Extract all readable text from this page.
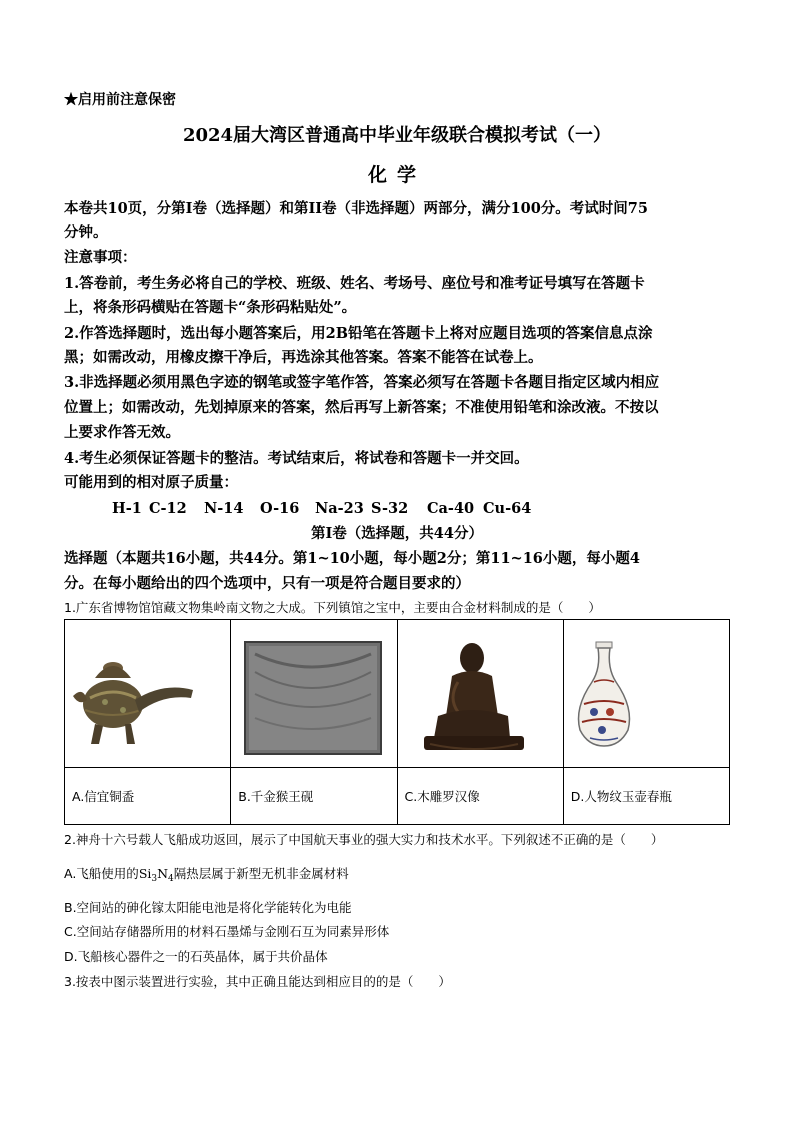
★启用前注意保密
2024届大湾区普通高中毕业年级联合模拟考试（一）
化学
本卷共10页，分第I卷（选择题）和第II卷（非选择题）两部分，满分100分。考试时间75
分钟。
注意事项：
1.答卷前，考生务必将自己的学校、班级、姓名、考场号、座位号和准考证号填写在答题卡
上，将条形码横贴在答题卡“条形码粘贴处”。
2.作答选择题时，选出每小题答案后，用2B铅笔在答题卡上将对应题目选项的答案信息点涂
黑；如需改动，用橡皮擦干净后，再选涂其他答案。答案不能答在试卷上。
3.非选择题必须用黑色字迹的钢笔或签字笔作答，答案必须写在答题卡各题目指定区域内相应
位置上；如需改动，先划掉原来的答案，然后再写上新答案；不准使用铅笔和涂改液。不按以
上要求作答无效。
4.考生必须保证答题卡的整洁。考试结束后，将试卷和答题卡一并交回。
可能用到的相对原子质量：
H-1 C-12 N-14 O-16 Na-23 S-32 Ca-40 Cu-64
第I卷（选择题，共44分）
选择题（本题共16小题，共44分。第1~10小题，每小题2分；第11~16小题，每小题4
分。在每小题给出的四个选项中，只有一项是符合题目要求的）
1.广东省博物馆馆藏文物集岭南文物之大成。下列镇馆之宝中，主要由合金材料制成的是（　　）

A.信宜铜盉	B.千金猴王砚	C.木雕罗汉像	D.人物纹玉壶春瓶
2.神舟十六号载人飞船成功返回，展示了中国航天事业的强大实力和技术水平。下列叙述不正确的是（　　）
A.飞船使用的$Si_3N_4$隔热层属于新型无机非金属材料
B.空间站的砷化镓太阳能电池是将化学能转化为电能
C.空间站存储器所用的材料石墨烯与金刚石互为同素异形体
D.飞船核心器件之一的石英晶体，属于共价晶体
3.按表中图示装置进行实验，其中正确且能达到相应目的的是（　　）
